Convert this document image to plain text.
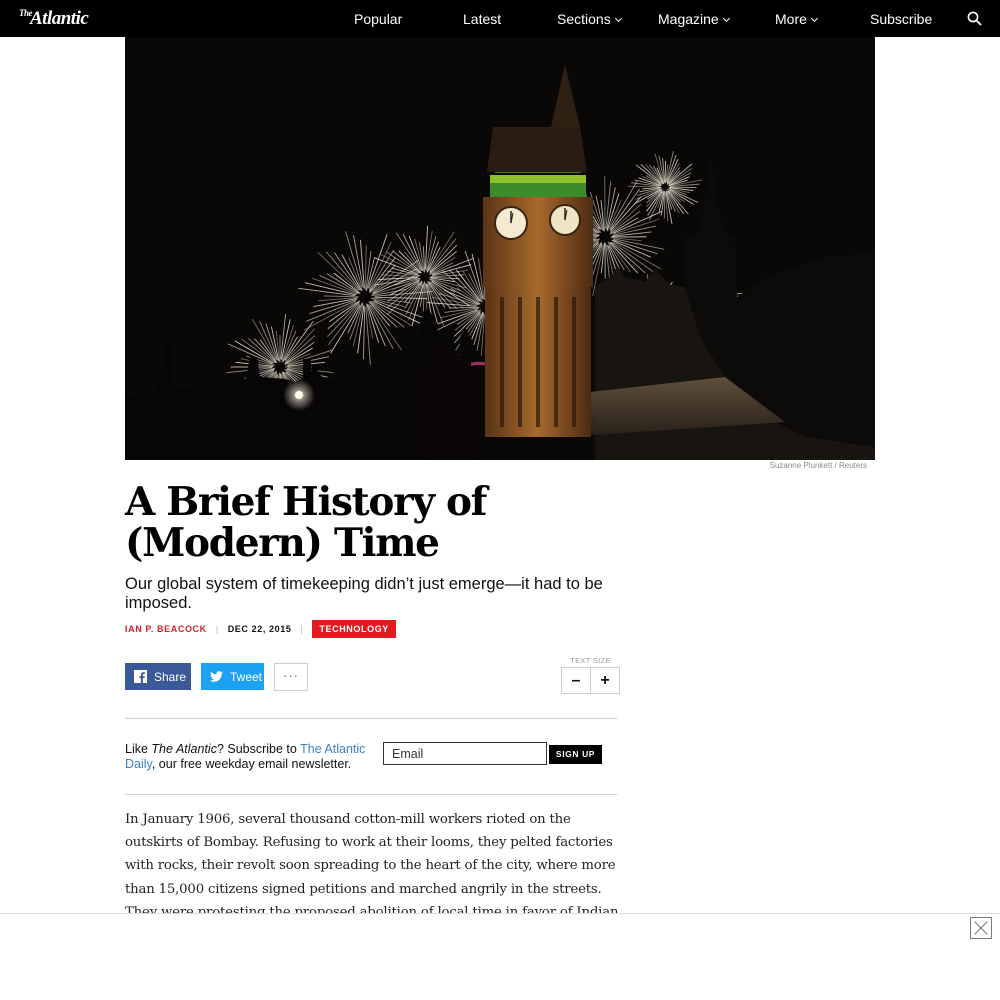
$^{The}$Atlantic	Popular	Latest	Sections	Magazine	More	Subscribe
Suzanne Plunkett / Reuters
A Brief History of (Modern) Time

Our global system of timekeeping didn’t just emerge—it had to be imposed.

IAN P. BEACOCK | DEC 22, 2015 |	TECHNOLOGY
Share	Tweet	···
TEXT SIZE
–	+
Like The Atlantic? Subscribe to The Atlantic Daily, our free weekday email newsletter.
Email
SIGN UP

In January 1906, several thousand cotton-mill workers rioted on the outskirts of Bombay. Refusing to work at their looms, they pelted factories with rocks, their revolt soon spreading to the heart of the city, where more than 15,000 citizens signed petitions and marched angrily in the streets.
